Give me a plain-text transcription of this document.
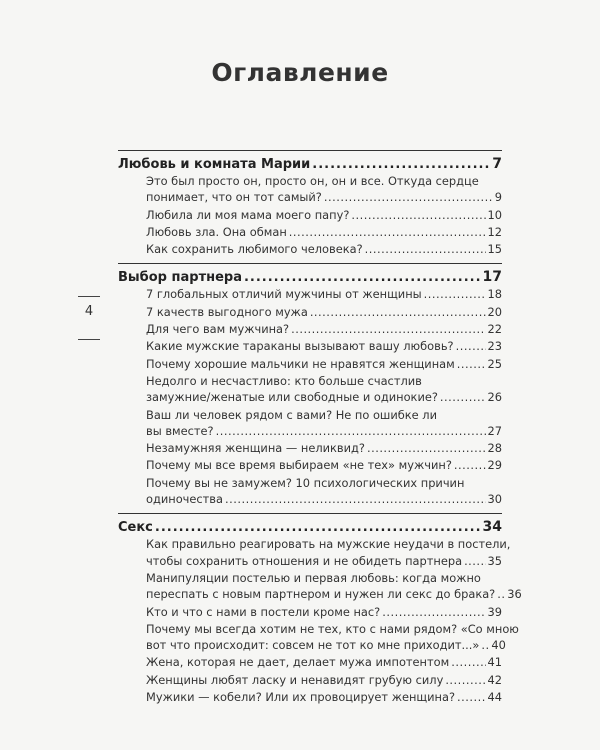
Оглавление
4
Любовь и комната Марии .....	7
Это был просто он, просто он, он и все. Откуда сердце
понимает, что он тот самый? .....	9
Любила ли моя мама моего папу? .....	10
Любовь зла. Она обман .....	12
Как сохранить любимого человека? .....	15
Выбор партнера .....	17
7 глобальных отличий мужчины от женщины .....	18
7 качеств выгодного мужа .....	20
Для чего вам мужчина? .....	22
Какие мужские тараканы вызывают вашу любовь? .....	23
Почему хорошие мальчики не нравятся женщинам .....	25
Недолго и несчастливо: кто больше счастлив
замужние/женатые или свободные и одинокие? .....	26
Ваш ли человек рядом с вами? Не по ошибке ли
вы вместе? .....	27
Незамужняя женщина — неликвид? .....	28
Почему мы все время выбираем «не тех» мужчин? .....	29
Почему вы не замужем? 10 психологических причин
одиночества .....	30
Секс .....	34
Как правильно реагировать на мужские неудачи в постели,
чтобы сохранить отношения и не обидеть партнера ..... 35
Манипуляции постелью и первая любовь: когда можно
переспать с новым партнером и нужен ли секс до брака? ..... 36
Кто и что с нами в постели кроме нас? .....	39
Почему мы всегда хотим не тех, кто с нами рядом? «Со мною
вот что происходит: совсем не тот ко мне приходит...» ..... 40
Жена, которая не дает, делает мужа импотентом .....	41
Женщины любят ласку и ненавидят грубую силу .....	42
Мужики — кобели? Или их провоцирует женщина? .....	44
